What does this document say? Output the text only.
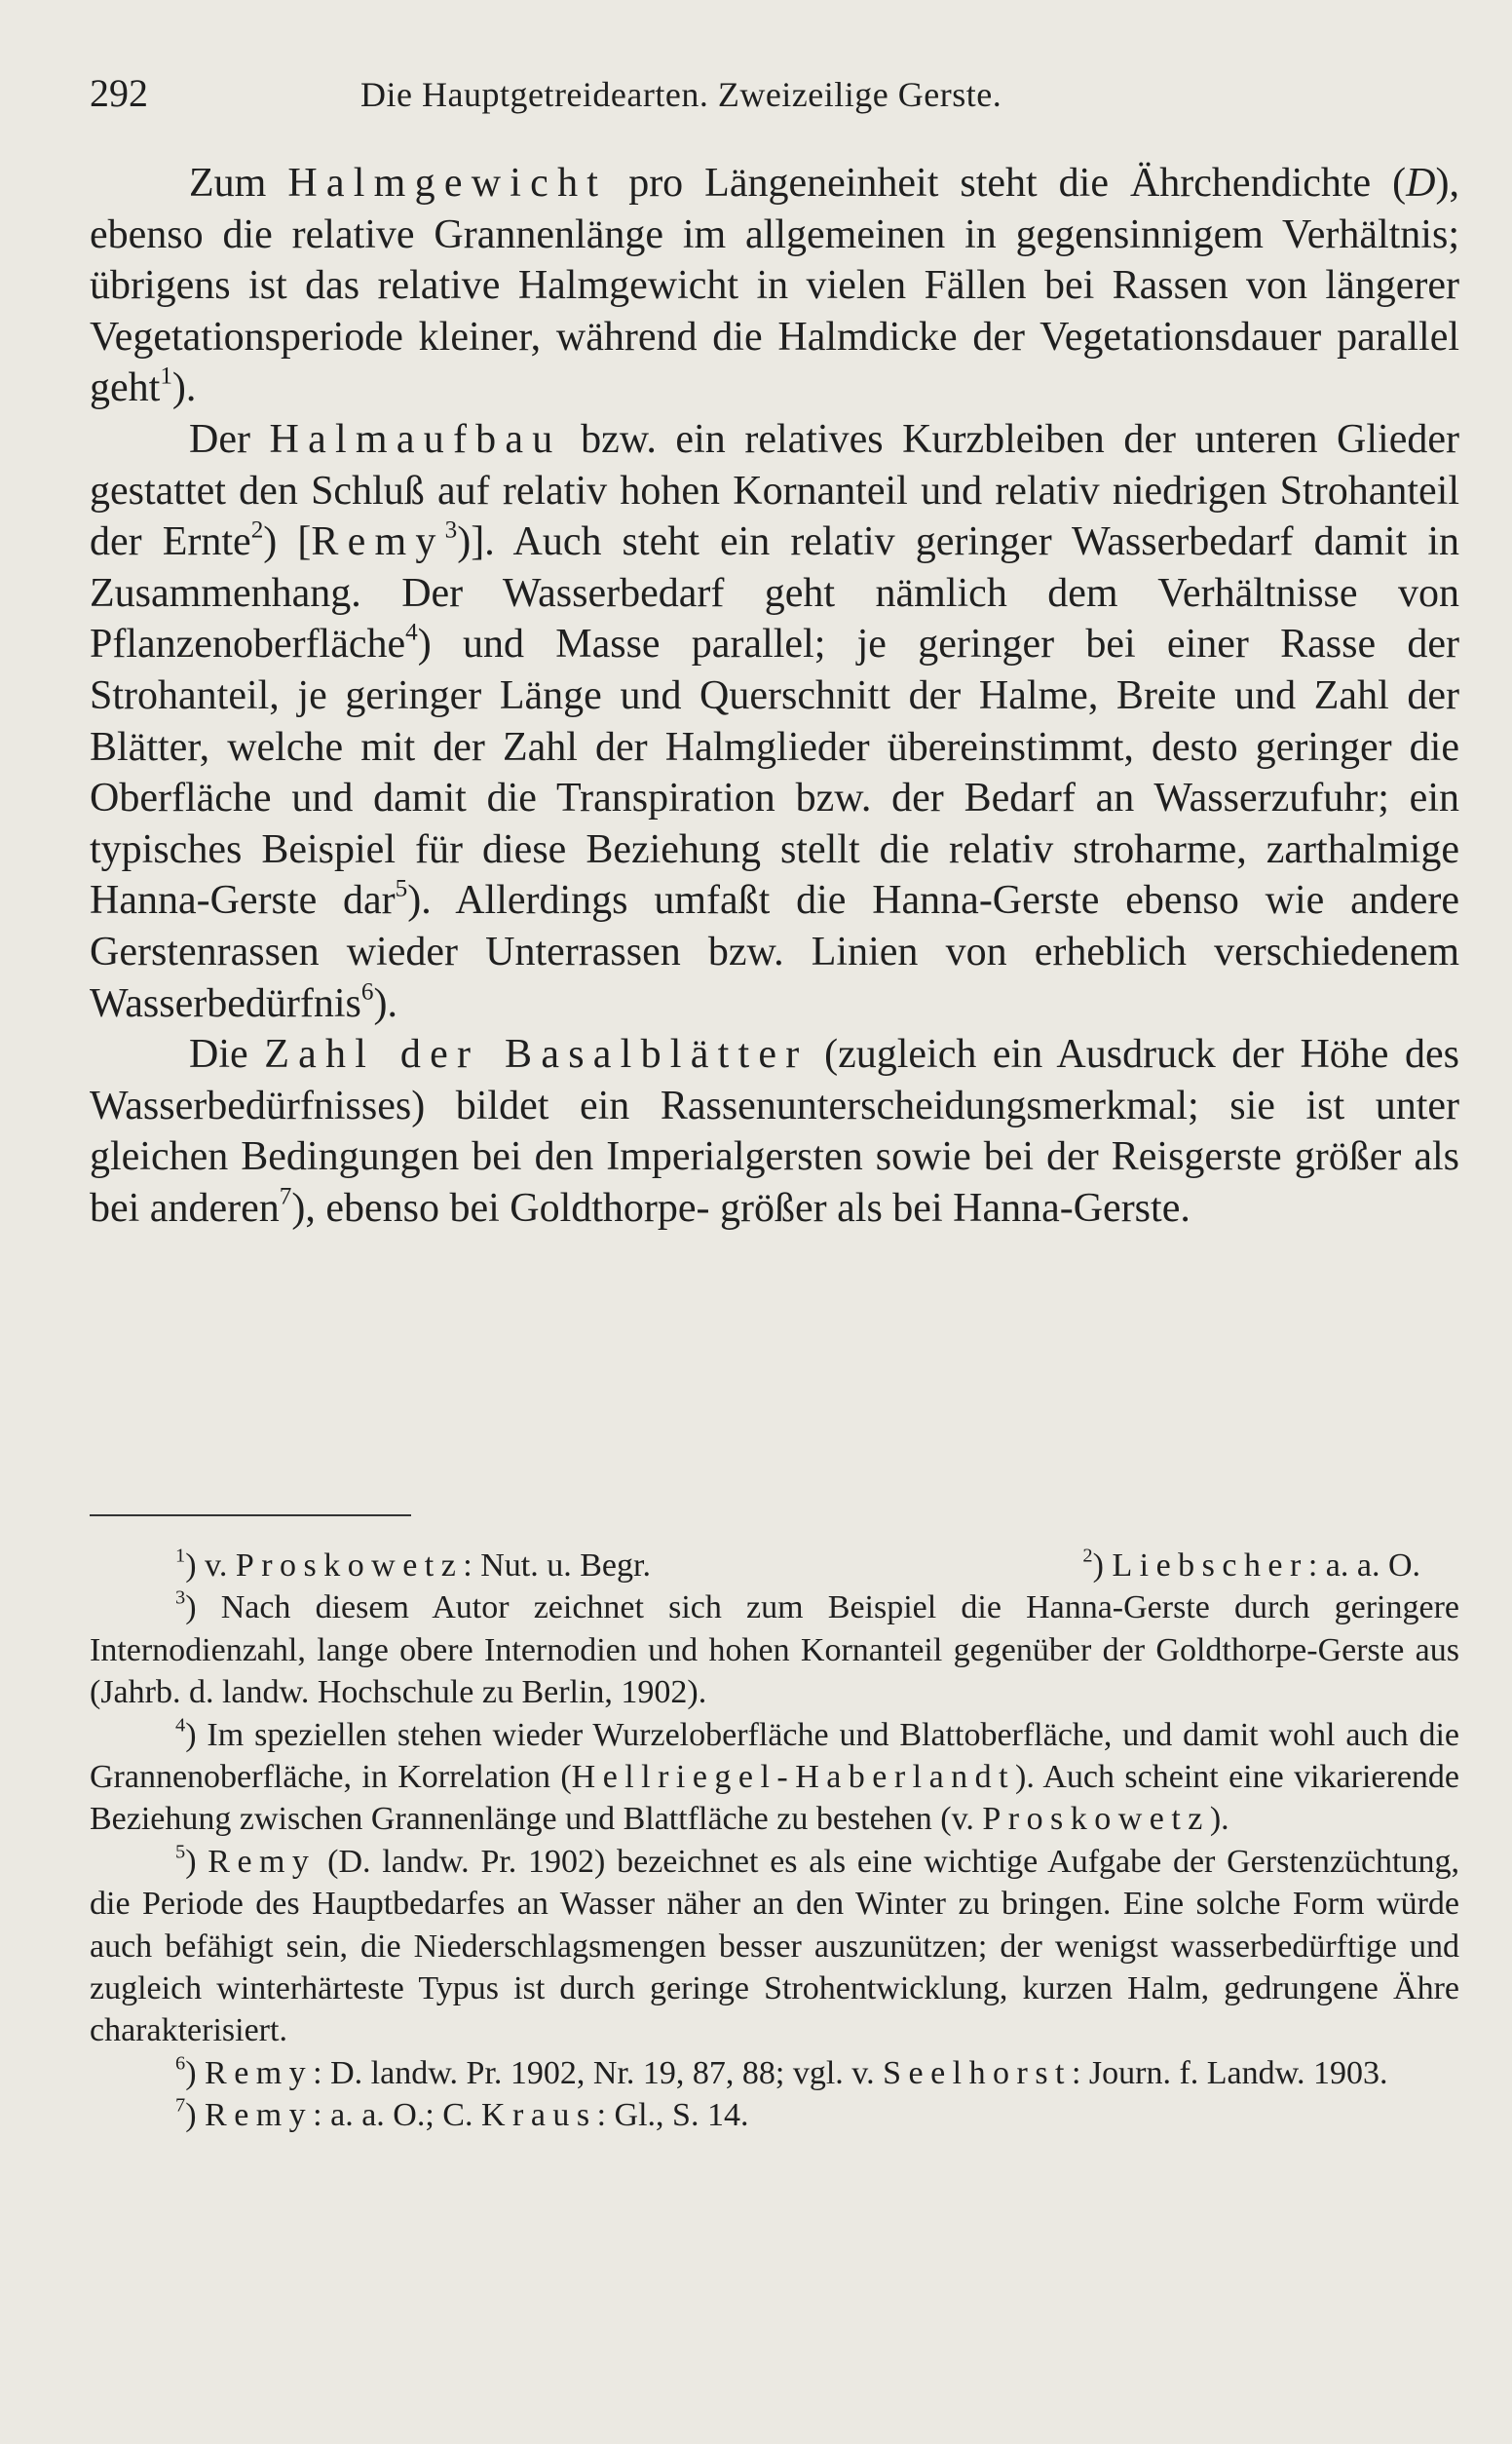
292	Die Hauptgetreidearten. Zweizeilige Gerste.

Zum Halmgewicht pro Längeneinheit steht die Ährchendichte (D), ebenso die relative Grannenlänge im allgemeinen in gegensinnigem Verhältnis; übrigens ist das relative Halmgewicht in vielen Fällen bei Rassen von längerer Vegetationsperiode kleiner, während die Halmdicke der Vegetationsdauer parallel geht$^1$).

Der Halmaufbau bzw. ein relatives Kurzbleiben der unteren Glieder gestattet den Schluß auf relativ hohen Kornanteil und relativ niedrigen Strohanteil der Ernte$^2$) [Remy$^3$)]. Auch steht ein relativ geringer Wasserbedarf damit in Zusammenhang. Der Wasserbedarf geht nämlich dem Verhältnisse von Pflanzenoberfläche$^4$) und Masse parallel; je geringer bei einer Rasse der Strohanteil, je geringer Länge und Querschnitt der Halme, Breite und Zahl der Blätter, welche mit der Zahl der Halmglieder übereinstimmt, desto geringer die Oberfläche und damit die Transpiration bzw. der Bedarf an Wasserzufuhr; ein typisches Beispiel für diese Beziehung stellt die relativ stroharme, zarthalmige Hanna-Gerste dar$^5$). Allerdings umfaßt die Hanna-Gerste ebenso wie andere Gerstenrassen wieder Unterrassen bzw. Linien von erheblich verschiedenem Wasserbedürfnis$^6$).

Die Zahl der Basalblätter (zugleich ein Ausdruck der Höhe des Wasserbedürfnisses) bildet ein Rassenunterscheidungsmerkmal; sie ist unter gleichen Bedingungen bei den Imperialgersten sowie bei der Reisgerste größer als bei anderen$^7$), ebenso bei Goldthorpe- größer als bei Hanna-Gerste.

$^1$) v. Proskowetz: Nut. u. Begr.	$^2$) Liebscher: a. a. O.

$^3$) Nach diesem Autor zeichnet sich zum Beispiel die Hanna-Gerste durch geringere Internodienzahl, lange obere Internodien und hohen Kornanteil gegenüber der Goldthorpe-Gerste aus (Jahrb. d. landw. Hochschule zu Berlin, 1902).

$^4$) Im speziellen stehen wieder Wurzeloberfläche und Blattoberfläche, und damit wohl auch die Grannenoberfläche, in Korrelation (Hellriegel-Haberlandt). Auch scheint eine vikarierende Beziehung zwischen Grannenlänge und Blattfläche zu bestehen (v. Proskowetz).

$^5$) Remy (D. landw. Pr. 1902) bezeichnet es als eine wichtige Aufgabe der Gerstenzüchtung, die Periode des Hauptbedarfes an Wasser näher an den Winter zu bringen. Eine solche Form würde auch befähigt sein, die Niederschlagsmengen besser auszunützen; der wenigst wasserbedürftige und zugleich winterhärteste Typus ist durch geringe Strohentwicklung, kurzen Halm, gedrungene Ähre charakterisiert.

$^6$) Remy: D. landw. Pr. 1902, Nr. 19, 87, 88; vgl. v. Seelhorst: Journ. f. Landw. 1903.

$^7$) Remy: a. a. O.; C. Kraus: Gl., S. 14.
